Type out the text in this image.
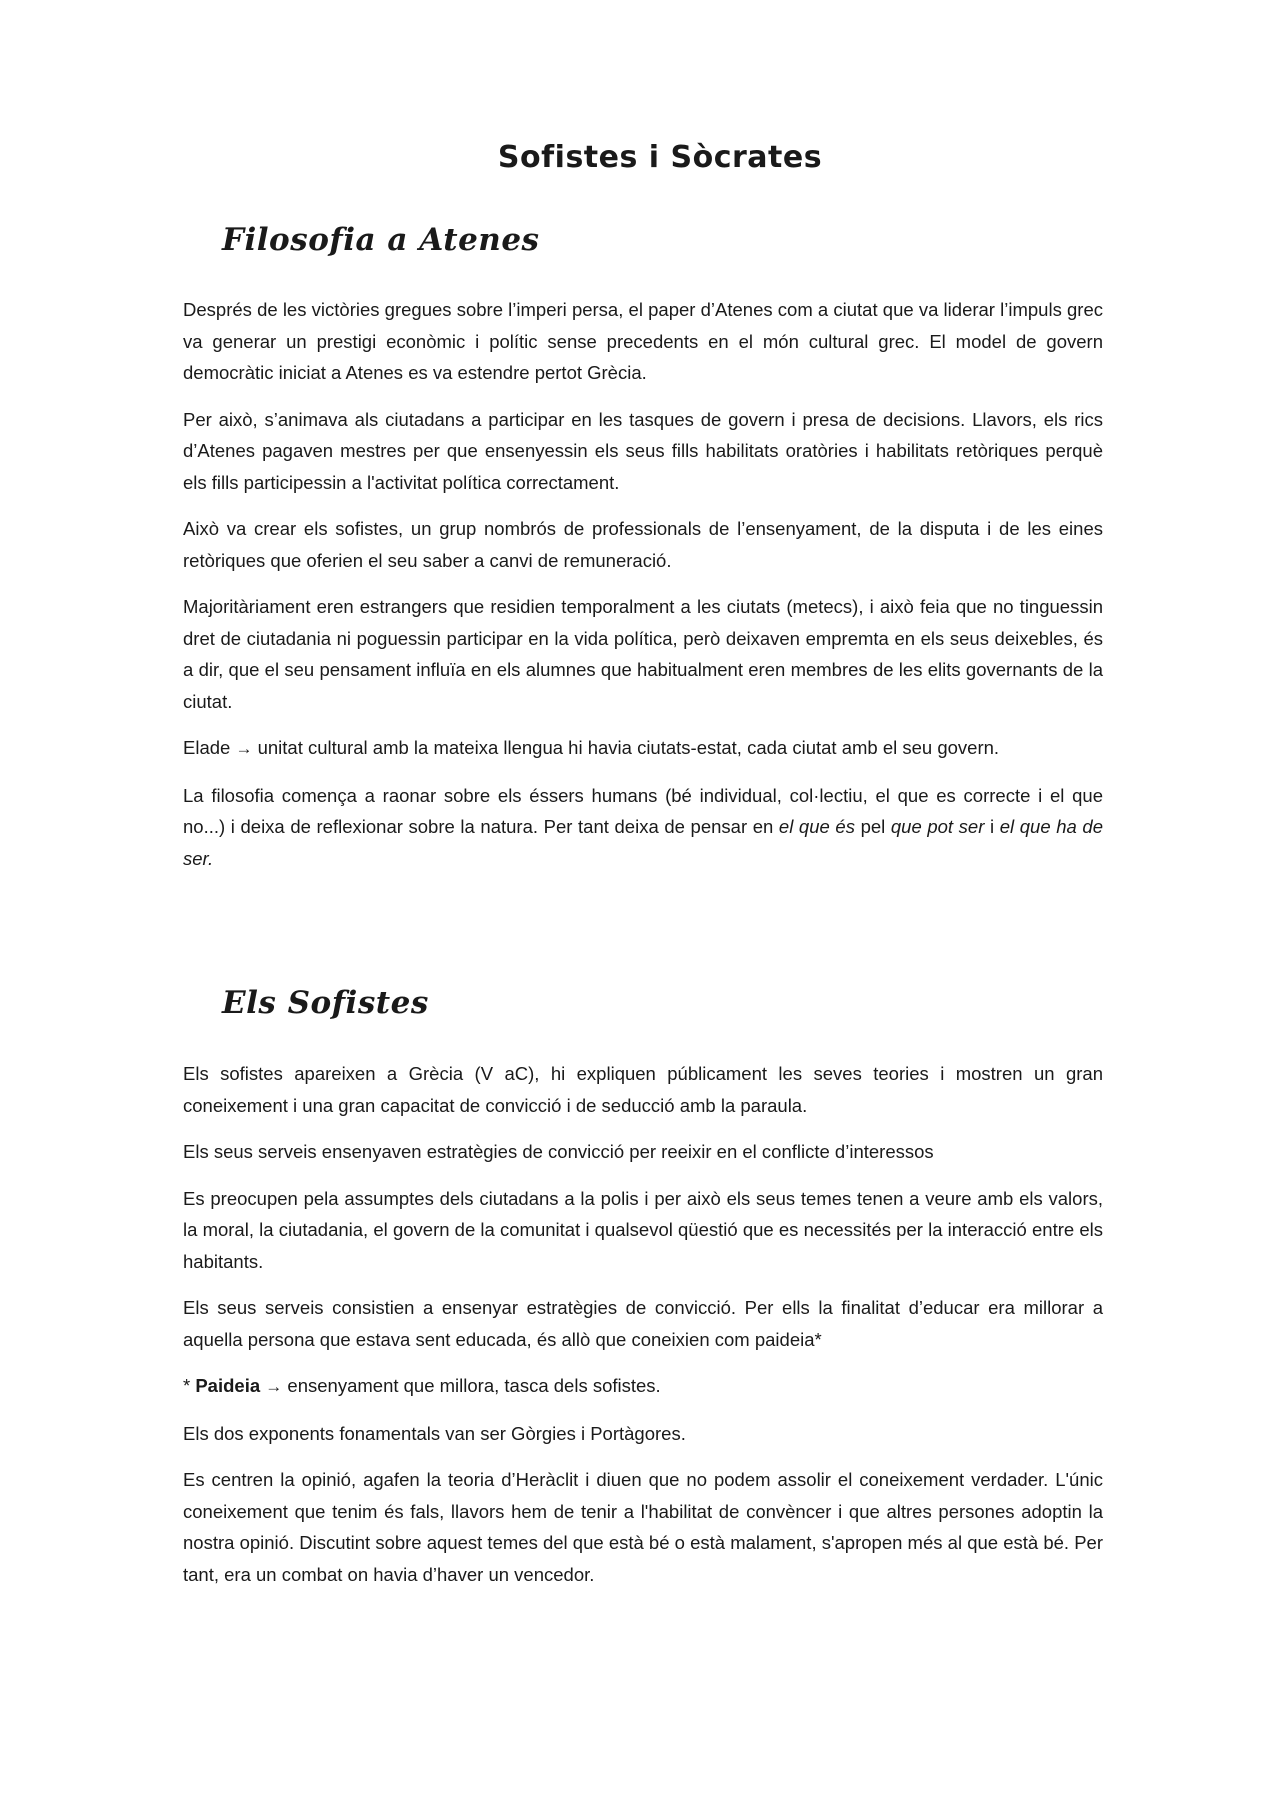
Sofistes i Sòcrates
Filosofia a Atenes

Després de les victòries gregues sobre l’imperi persa, el paper d’Atenes com a ciutat que va liderar l’impuls grec va generar un prestigi econòmic i polític sense precedents en el món cultural grec. El model de govern democràtic iniciat a Atenes es va estendre pertot Grècia.

Per això, s’animava als ciutadans a participar en les tasques de govern i presa de decisions. Llavors, els rics d’Atenes pagaven mestres per que ensenyessin els seus fills habilitats oratòries i habilitats retòriques perquè els fills participessin a l'activitat política correctament.

Això va crear els sofistes, un grup nombrós de professionals de l’ensenyament, de la disputa i de les eines retòriques que oferien el seu saber a canvi de remuneració.

Majoritàriament eren estrangers que residien temporalment a les ciutats (metecs), i això feia que no tinguessin dret de ciutadania ni poguessin participar en la vida política, però deixaven empremta en els seus deixebles, és a dir, que el seu pensament influïa en els alumnes que habitualment eren membres de les elits governants de la ciutat.

Elade → unitat cultural amb la mateixa llengua hi havia ciutats-estat, cada ciutat amb el seu govern.

La filosofia comença a raonar sobre els éssers humans (bé individual, col·lectiu, el que es correcte i el que no...) i deixa de reflexionar sobre la natura. Per tant deixa de pensar en el que és pel que pot ser i el que ha de ser.

Els Sofistes

Els sofistes apareixen a Grècia (V aC), hi expliquen públicament les seves teories i mostren un gran coneixement i una gran capacitat de convicció i de seducció amb la paraula.

Els seus serveis ensenyaven estratègies de convicció per reeixir en el conflicte d’interessos

Es preocupen pela assumptes dels ciutadans a la polis i per això els seus temes tenen a veure amb els valors, la moral, la ciutadania, el govern de la comunitat i qualsevol qüestió que es necessités per la interacció entre els habitants.

Els seus serveis consistien a ensenyar estratègies de convicció. Per ells la finalitat d’educar era millorar a aquella persona que estava sent educada, és allò que coneixien com paideia*

* Paideia → ensenyament que millora, tasca dels sofistes.

Els dos exponents fonamentals van ser Gòrgies i Portàgores.

Es centren la opinió, agafen la teoria d’Heràclit i diuen que no podem assolir el coneixement verdader. L'únic coneixement que tenim és fals, llavors hem de tenir a l'habilitat de convèncer i que altres persones adoptin la nostra opinió. Discutint sobre aquest temes del que està bé o està malament, s'apropen més al que està bé. Per tant, era un combat on havia d’haver un vencedor.
